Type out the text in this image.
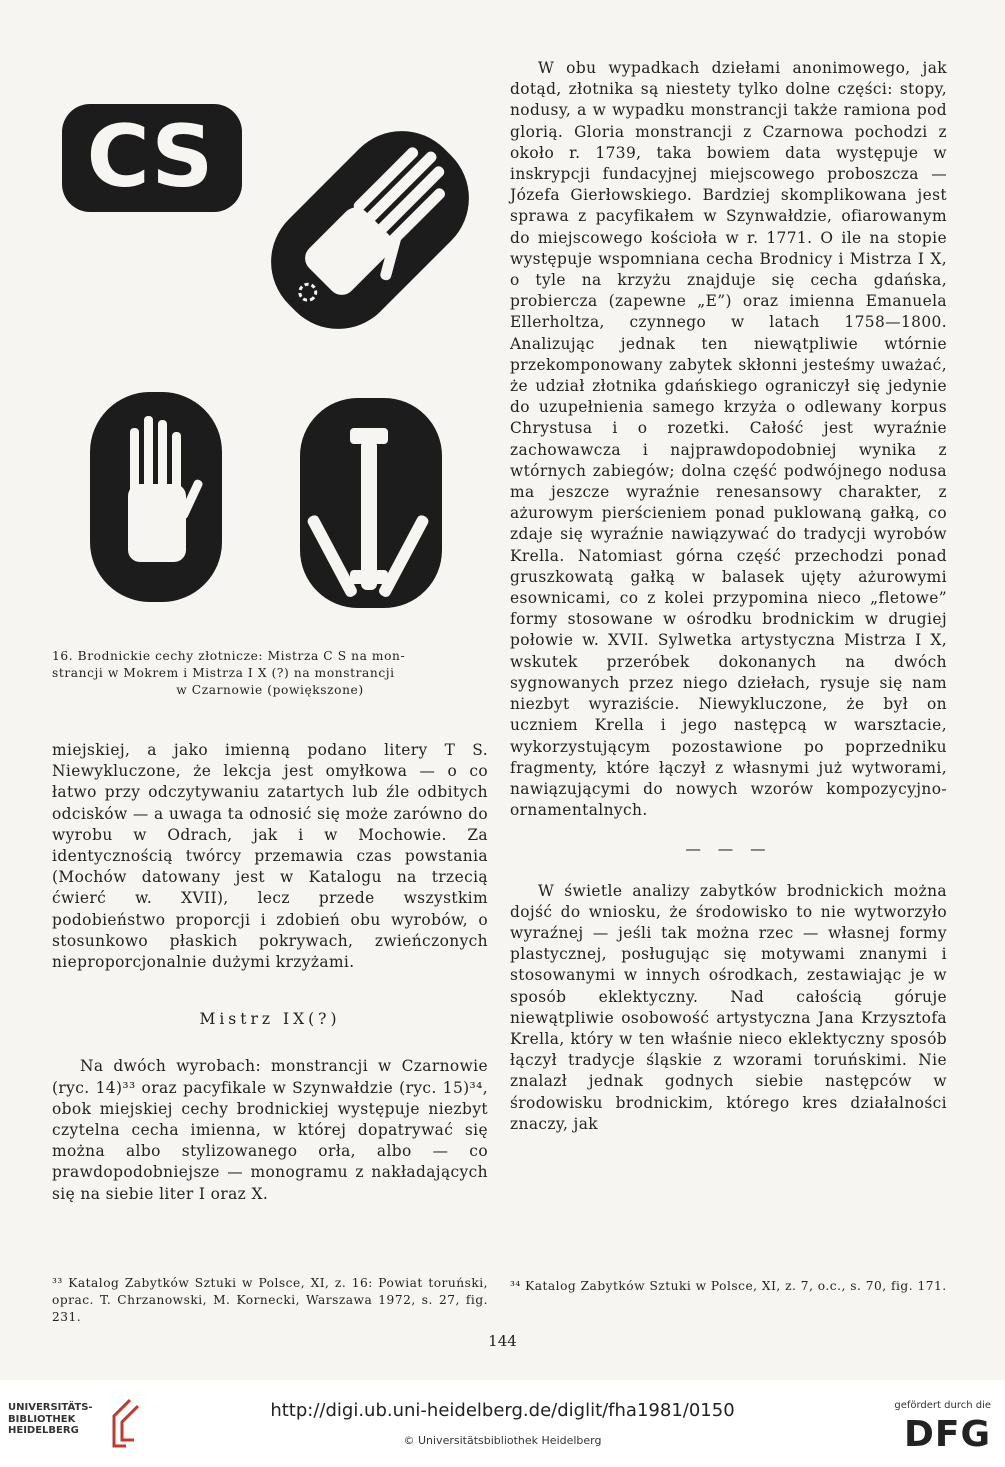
CS
16. Brodnickie cechy złotnicze: Mistrza C S na mon-
strancji w Mokrem i Mistrza I X (?) na monstrancji
w Czarnowie (powiększone)

miejskiej, a jako imienną podano litery T S. Niewykluczone, że lekcja jest omyłkowa — o co łatwo przy odczytywaniu zatartych lub źle odbitych odcisków — a uwaga ta odnosić się może zarówno do wyrobu w Odrach, jak i w Mochowie. Za identycznością twórcy przemawia czas powstania (Mochów datowany jest w Katalogu na trzecią ćwierć w. XVII), lecz przede wszystkim podobieństwo proporcji i zdobień obu wyrobów, o stosunkowo płaskich pokrywach, zwieńczonych nieproporcjonalnie dużymi krzyżami.

Mistrz IX(?)

Na dwóch wyrobach: monstrancji w Czarnowie (ryc. 14)³³ oraz pacyfikale w Szynwałdzie (ryc. 15)³⁴, obok miejskiej cechy brodnickiej występuje niezbyt czytelna cecha imienna, w której dopatrywać się można albo stylizowanego orła, albo — co prawdopodobniejsze — monogramu z nakładających się na siebie liter I oraz X.

W obu wypadkach dziełami anonimowego, jak dotąd, złotnika są niestety tylko dolne części: stopy, nodusy, a w wypadku monstrancji także ramiona pod glorią. Gloria monstrancji z Czarnowa pochodzi z około r. 1739, taka bowiem data występuje w inskrypcji fundacyjnej miejscowego proboszcza — Józefa Gierłowskiego. Bardziej skomplikowana jest sprawa z pacyfikałem w Szynwałdzie, ofiarowanym do miejscowego kościoła w r. 1771. O ile na stopie występuje wspomniana cecha Brodnicy i Mistrza I X, o tyle na krzyżu znajduje się cecha gdańska, probiercza (zapewne „E”) oraz imienna Emanuela Ellerholtza, czynnego w latach 1758—1800. Analizując jednak ten niewątpliwie wtórnie przekomponowany zabytek skłonni jesteśmy uważać, że udział złotnika gdańskiego ograniczył się jedynie do uzupełnienia samego krzyża o odlewany korpus Chrystusa i o rozetki. Całość jest wyraźnie zachowawcza i najprawdopodobniej wynika z wtórnych zabiegów; dolna część podwójnego nodusa ma jeszcze wyraźnie renesansowy charakter, z ażurowym pierścieniem ponad puklowaną gałką, co zdaje się wyraźnie nawiązywać do tradycji wyrobów Krella. Natomiast górna część przechodzi ponad gruszkowatą gałką w balasek ujęty ażurowymi esownicami, co z kolei przypomina nieco „fletowe” formy stosowane w ośrodku brodnickim w drugiej połowie w. XVII. Sylwetka artystyczna Mistrza I X, wskutek przeróbek dokonanych na dwóch sygnowanych przez niego dziełach, rysuje się nam niezbyt wyraziście. Niewykluczone, że był on uczniem Krella i jego następcą w warsztacie, wykorzystującym pozostawione po poprzedniku fragmenty, które łączył z własnymi już wytworami, nawiązującymi do nowych wzorów kompozycyjno-ornamentalnych.

— — —

W świetle analizy zabytków brodnickich można dojść do wniosku, że środowisko to nie wytworzyło wyraźnej — jeśli tak można rzec — własnej formy plastycznej, posługując się motywami znanymi i stosowanymi w innych ośrodkach, zestawiając je w sposób eklektyczny. Nad całością góruje niewątpliwie osobowość artystyczna Jana Krzysztofa Krella, który w ten właśnie nieco eklektyczny sposób łączył tradycje śląskie z wzorami toruńskimi. Nie znalazł jednak godnych siebie następców w środowisku brodnickim, którego kres działalności znaczy, jak

³³ Katalog Zabytków Sztuki w Polsce, XI, z. 16: Powiat toruński, oprac. T. Chrzanowski, M. Kornecki, Warszawa 1972, s. 27, fig. 231.

³⁴ Katalog Zabytków Sztuki w Polsce, XI, z. 7, o.c., s. 70, fig. 171.

144
UNIVERSITÄTS-
BIBLIOTHEK
HEIDELBERG
http://digi.ub.uni-heidelberg.de/diglit/fha1981/0150
© Universitätsbibliothek Heidelberg
gefördert durch die
DFG
